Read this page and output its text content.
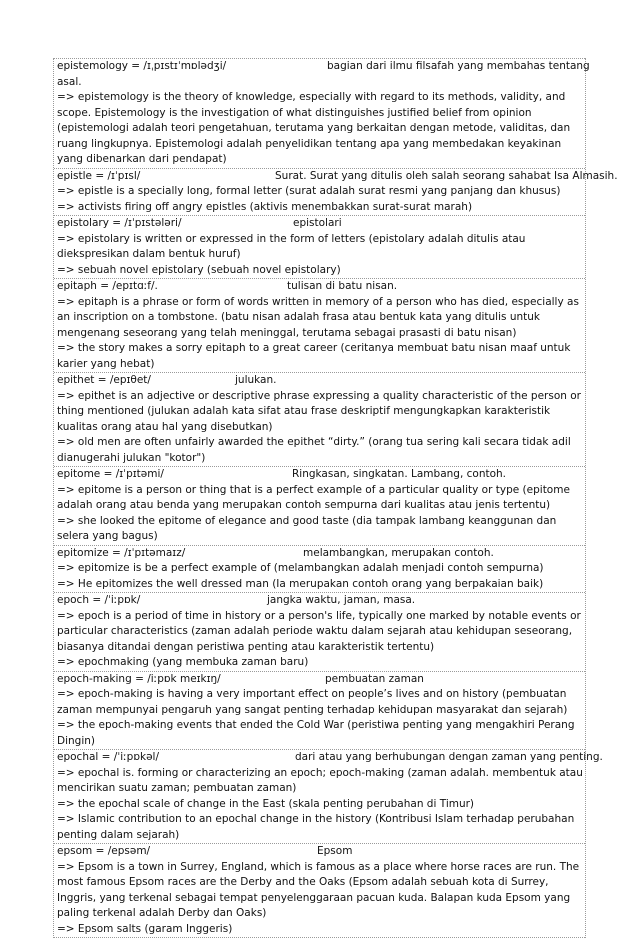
epistemology = /ɪˌpɪstɪˈmɒlədʒi/	bagian dari ilmu filsafah yang membahas tentang
asal.
=> epistemology is the theory of knowledge, especially with regard to its methods, validity, and scope. Epistemology is the investigation of what distinguishes justified belief from opinion (epistemologi adalah teori pengetahuan, terutama yang berkaitan dengan metode, validitas, dan ruang lingkupnya. Epistemologi adalah penyelidikan tentang apa yang membedakan keyakinan yang dibenarkan dari pendapat)
epistle = /ɪˈpɪsl/	Surat. Surat yang ditulis oleh salah seorang sahabat Isa Almasih.
=> epistle is a specially long, formal letter (surat adalah surat resmi yang panjang dan khusus)
=> activists firing off angry epistles (aktivis menembakkan surat-surat marah)
epistolary = /ɪˈpɪstələri/	epistolari
=> epistolary is written or expressed in the form of letters (epistolary adalah ditulis atau diekspresikan dalam bentuk huruf)
=> sebuah novel epistolary (sebuah novel epistolary)
epitaph = /epɪtɑːf/.	tulisan di batu nisan.
=> epitaph is a phrase or form of words written in memory of a person who has died, especially as an inscription on a tombstone. (batu nisan adalah frasa atau bentuk kata yang ditulis untuk mengenang seseorang yang telah meninggal, terutama sebagai prasasti di batu nisan)
=> the story makes a sorry epitaph to a great career (ceritanya membuat batu nisan maaf untuk karier yang hebat)
epithet = /epɪθet/	julukan.
=> epithet is an adjective or descriptive phrase expressing a quality characteristic of the person or thing mentioned (julukan adalah kata sifat atau frase deskriptif mengungkapkan karakteristik kualitas orang atau hal yang disebutkan)
=> old men are often unfairly awarded the epithet “dirty.” (orang tua sering kali secara tidak adil dianugerahi julukan "kotor")
epitome = /ɪˈpɪtəmi/	Ringkasan, singkatan. Lambang, contoh.
=> epitome is a person or thing that is a perfect example of a particular quality or type (epitome adalah orang atau benda yang merupakan contoh sempurna dari kualitas atau jenis tertentu)
=> she looked the epitome of elegance and good taste (dia tampak lambang keanggunan dan selera yang bagus)
epitomize = /ɪˈpɪtəmaɪz/	melambangkan, merupakan contoh.
=> epitomize is be a perfect example of (melambangkan adalah menjadi contoh sempurna)
=> He epitomizes the well dressed man (Ia merupakan contoh orang yang berpakaian baik)
epoch = /ˈiːpɒk/	jangka waktu, jaman, masa.
=> epoch is a period of time in history or a person's life, typically one marked by notable events or particular characteristics (zaman adalah periode waktu dalam sejarah atau kehidupan seseorang, biasanya ditandai dengan peristiwa penting atau karakteristik tertentu)
=> epochmaking (yang membuka zaman baru)
epoch-making = /iːpɒk meɪkɪŋ/	pembuatan zaman
=> epoch-making is having a very important effect on people’s lives and on history (pembuatan zaman mempunyai pengaruh yang sangat penting terhadap kehidupan masyarakat dan sejarah)
=> the epoch-making events that ended the Cold War (peristiwa penting yang mengakhiri Perang Dingin)
epochal = /ˈiːpɒkəl/	dari atau yang berhubungan dengan zaman yang penting.
=> epochal is. forming or characterizing an epoch; epoch-making (zaman adalah. membentuk atau mencirikan suatu zaman; pembuatan zaman)
=> the epochal scale of change in the East (skala penting perubahan di Timur)
=> Islamic contribution to an epochal change in the history (Kontribusi Islam terhadap perubahan penting dalam sejarah)
epsom = /epsəm/	Epsom
=> Epsom is a town in Surrey, England, which is famous as a place where horse races are run. The most famous Epsom races are the Derby and the Oaks (Epsom adalah sebuah kota di Surrey, Inggris, yang terkenal sebagai tempat penyelenggaraan pacuan kuda. Balapan kuda Epsom yang paling terkenal adalah Derby dan Oaks)
=> Epsom salts (garam Inggeris)
